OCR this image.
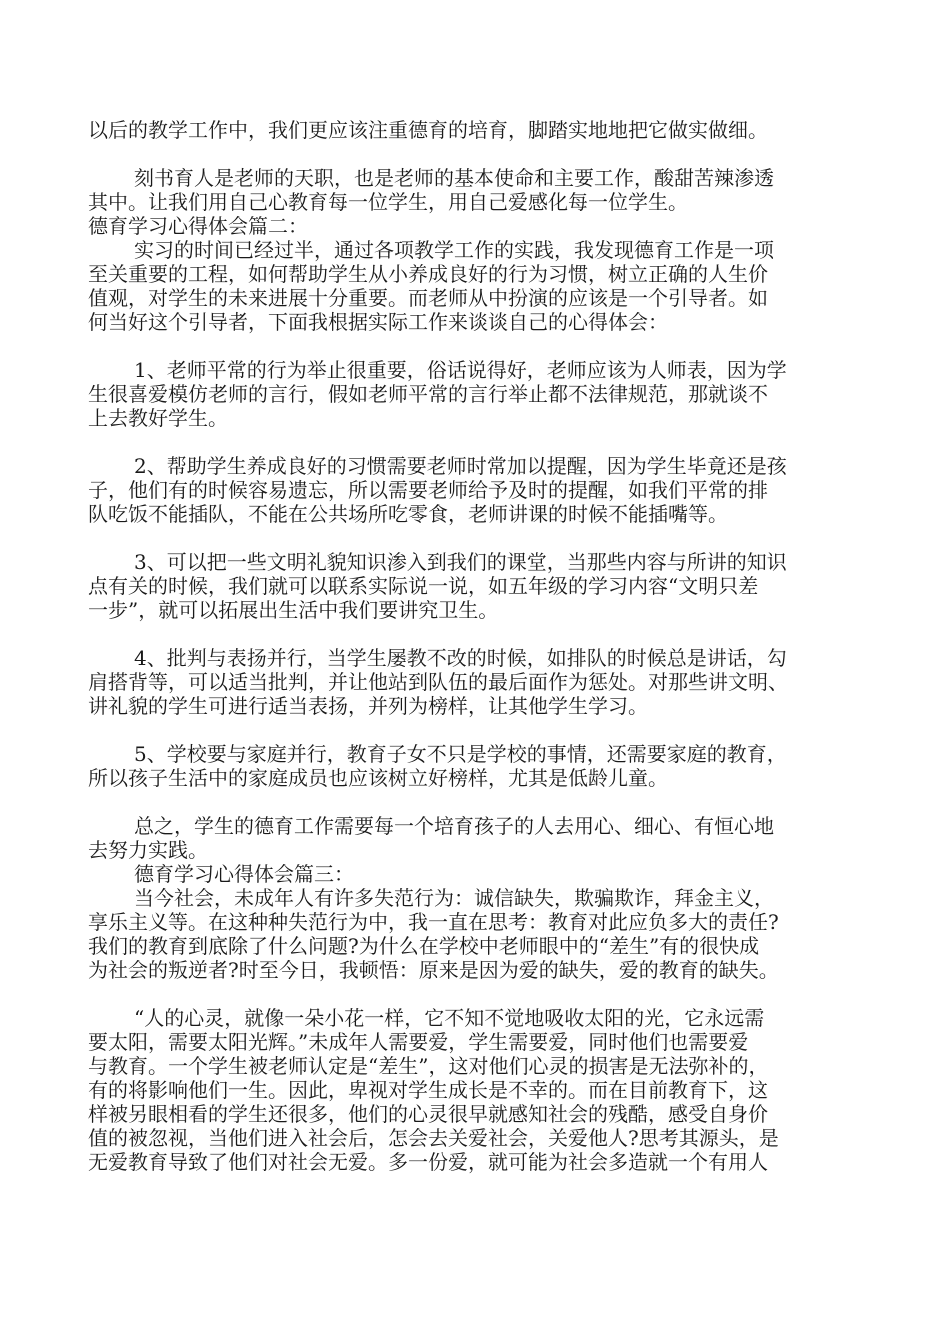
以后的教学工作中，我们更应该注重德育的培育，脚踏实地地把它做实做细。
刻书育人是老师的天职，也是老师的基本使命和主要工作，酸甜苦辣渗透
其中。让我们用自己心教育每一位学生，用自己爱感化每一位学生。
德育学习心得体会篇二：
实习的时间已经过半，通过各项教学工作的实践，我发现德育工作是一项
至关重要的工程，如何帮助学生从小养成良好的行为习惯，树立正确的人生价
值观，对学生的未来进展十分重要。而老师从中扮演的应该是一个引导者。如
何当好这个引导者，下面我根据实际工作来谈谈自己的心得体会：
1、老师平常的行为举止很重要，俗话说得好，老师应该为人师表，因为学
生很喜爱模仿老师的言行，假如老师平常的言行举止都不法律规范，那就谈不
上去教好学生。
2、帮助学生养成良好的习惯需要老师时常加以提醒，因为学生毕竟还是孩
子，他们有的时候容易遗忘，所以需要老师给予及时的提醒，如我们平常的排
队吃饭不能插队，不能在公共场所吃零食，老师讲课的时候不能插嘴等。
3、可以把一些文明礼貌知识渗入到我们的课堂，当那些内容与所讲的知识
点有关的时候，我们就可以联系实际说一说，如五年级的学习内容“文明只差
一步”，就可以拓展出生活中我们要讲究卫生。
4、批判与表扬并行，当学生屡教不改的时候，如排队的时候总是讲话，勾
肩搭背等，可以适当批判，并让他站到队伍的最后面作为惩处。对那些讲文明、
讲礼貌的学生可进行适当表扬，并列为榜样，让其他学生学习。
5、学校要与家庭并行，教育子女不只是学校的事情，还需要家庭的教育，
所以孩子生活中的家庭成员也应该树立好榜样，尤其是低龄儿童。
总之，学生的德育工作需要每一个培育孩子的人去用心、细心、有恒心地
去努力实践。
德育学习心得体会篇三：
当今社会，未成年人有许多失范行为：诚信缺失，欺骗欺诈，拜金主义，
享乐主义等。在这种种失范行为中，我一直在思考：教育对此应负多大的责任?
我们的教育到底除了什么问题?为什么在学校中老师眼中的“差生”有的很快成
为社会的叛逆者?时至今日，我顿悟：原来是因为爱的缺失，爱的教育的缺失。
“人的心灵，就像一朵小花一样，它不知不觉地吸收太阳的光，它永远需
要太阳，需要太阳光辉。”未成年人需要爱，学生需要爱，同时他们也需要爱
与教育。一个学生被老师认定是“差生”，这对他们心灵的损害是无法弥补的，
有的将影响他们一生。因此，卑视对学生成长是不幸的。而在目前教育下，这
样被另眼相看的学生还很多，他们的心灵很早就感知社会的残酷，感受自身价
值的被忽视，当他们进入社会后，怎会去关爱社会，关爱他人?思考其源头，是
无爱教育导致了他们对社会无爱。多一份爱，就可能为社会多造就一个有用人
